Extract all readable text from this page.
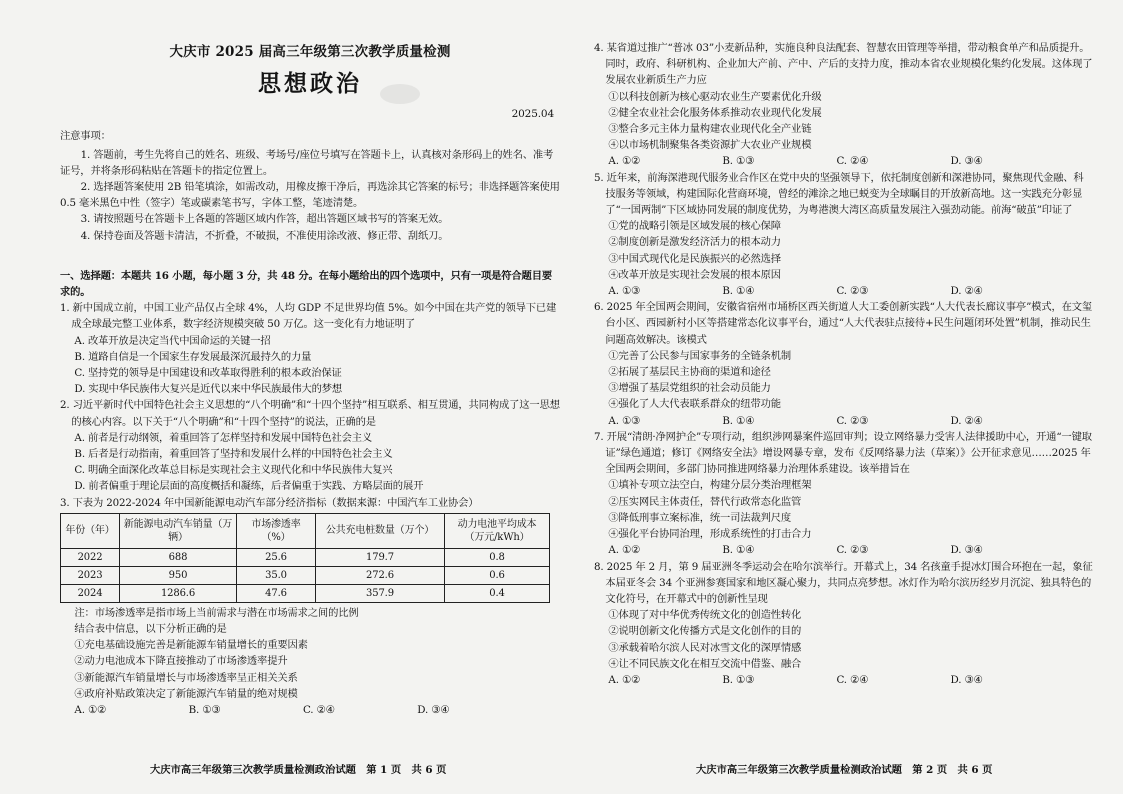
大庆市 2025 届高三年级第三次教学质量检测
思想政治
2025.04
注意事项：

1. 答题前，考生先将自己的姓名、班级、考场号/座位号填写在答题卡上，认真核对条形码上的姓名、准考证号，并将条形码粘贴在答题卡的指定位置上。

2. 选择题答案使用 2B 铅笔填涂，如需改动，用橡皮擦干净后，再选涂其它答案的标号；非选择题答案使用 0.5 毫米黑色中性（签字）笔或碳素笔书写，字体工整，笔迹清楚。

3. 请按照题号在答题卡上各题的答题区域内作答，超出答题区域书写的答案无效。

4. 保持卷面及答题卡清洁，不折叠，不破损，不准使用涂改液、修正带、刮纸刀。

一、选择题：本题共 16 小题，每小题 3 分，共 48 分。在每小题给出的四个选项中，只有一项是符合题目要求的。

1. 新中国成立前，中国工业产品仅占全球 4%，人均 GDP 不足世界均值 5%。如今中国在共产党的领导下已建成全球最完整工业体系，数字经济规模突破 50 万亿。这一变化有力地证明了

A. 改革开放是决定当代中国命运的关键一招

B. 道路自信是一个国家生存发展最深沉最持久的力量

C. 坚持党的领导是中国建设和改革取得胜利的根本政治保证

D. 实现中华民族伟大复兴是近代以来中华民族最伟大的梦想

2. 习近平新时代中国特色社会主义思想的“八个明确”和“十四个坚持”相互联系、相互贯通，共同构成了这一思想的核心内容。以下关于“八个明确”和“十四个坚持”的说法，正确的是

A. 前者是行动纲领，着重回答了怎样坚持和发展中国特色社会主义

B. 后者是行动指南，着重回答了坚持和发展什么样的中国特色社会主义

C. 明确全面深化改革总目标是实现社会主义现代化和中华民族伟大复兴

D. 前者偏重于理论层面的高度概括和凝练，后者偏重于实践、方略层面的展开

3. 下表为 2022-2024 年中国新能源电动汽车部分经济指标（数据来源：中国汽车工业协会）

年份（年）	新能源电动汽车销量（万辆）	市场渗透率（%）	公共充电桩数量（万个）	动力电池平均成本（万元/kWh）
2022	688	25.6	179.7	0.8
2023	950	35.0	272.6	0.6
2024	1286.6	47.6	357.9	0.4

注：市场渗透率是指市场上当前需求与潜在市场需求之间的比例

结合表中信息，以下分析正确的是

①充电基础设施完善是新能源车销量增长的重要因素

②动力电池成本下降直接推动了市场渗透率提升

③新能源汽车销量增长与市场渗透率呈正相关关系

④政府补贴政策决定了新能源汽车销量的绝对规模

A. ①②	B. ①③	C. ②④	D. ③④
大庆市高三年级第三次教学质量检测政治试题　第 1 页　共 6 页

4. 某省道过推广“普冰 03”小麦新品种，实施良种良法配套、智慧农田管理等举措，带动粮食单产和品质提升。同时，政府、科研机构、企业加大产前、产中、产后的支持力度，推动本省农业规模化集约化发展。这体现了发展农业新质生产力应

①以科技创新为核心驱动农业生产要素优化升级

②健全农业社会化服务体系推动农业现代化发展

③整合多元主体力量构建农业现代化全产业链

④以市场机制聚集各类资源扩大农业产业规模

A. ①②	B. ①③	C. ②④	D. ③④

5. 近年来，前海深港现代服务业合作区在党中央的坚强领导下，依托制度创新和深港协同，聚焦现代金融、科技服务等领域，构建国际化营商环境，曾经的滩涂之地已蜕变为全球瞩目的开放新高地。这一实践充分彰显了“一国两制”下区域协同发展的制度优势，为粤港澳大湾区高质量发展注入强劲动能。前海“破茧”印证了

①党的战略引领是区域发展的核心保障

②制度创新是激发经济活力的根本动力

③中国式现代化是民族振兴的必然选择

④改革开放是实现社会发展的根本原因

A. ①③	B. ①④	C. ②③	D. ②④

6. 2025 年全国两会期间，安徽省宿州市埇桥区西关街道人大工委创新实践“人大代表长廊议事亭”模式，在文玺台小区、西园新村小区等搭建常态化议事平台，通过“人大代表驻点接待+民生问题闭环处置”机制，推动民生问题高效解决。该模式

①完善了公民参与国家事务的全链条机制

②拓展了基层民主协商的渠道和途径

③增强了基层党组织的社会动员能力

④强化了人大代表联系群众的纽带功能

A. ①③	B. ①④	C. ②③	D. ②④

7. 开展“清朗·净网护企”专项行动，组织涉网暴案件巡回审判；设立网络暴力受害人法律援助中心，开通“一键取证”绿色通道；修订《网络安全法》增设网暴专章，发布《反网络暴力法（草案）》公开征求意见……2025 年全国两会期间，多部门协同推进网络暴力治理体系建设。该举措旨在

①填补专项立法空白，构建分层分类治理框架

②压实网民主体责任，替代行政常态化监管

③降低刑事立案标准，统一司法裁判尺度

④强化平台协同治理，形成系统性的打击合力

A. ①②	B. ①④	C. ②③	D. ③④

8. 2025 年 2 月，第 9 届亚洲冬季运动会在哈尔滨举行。开幕式上，34 名孩童手提冰灯围合环抱在一起，象征本届亚冬会 34 个亚洲参赛国家和地区凝心聚力，共同点亮梦想。冰灯作为哈尔滨历经岁月沉淀、独具特色的文化符号，在开幕式中的创新性呈现

①体现了对中华优秀传统文化的创造性转化

②说明创新文化传播方式是文化创作的目的

③承载着哈尔滨人民对冰雪文化的深厚情感

④让不同民族文化在相互交流中借鉴、融合

A. ①②	B. ①③	C. ②④	D. ③④
大庆市高三年级第三次教学质量检测政治试题　第 2 页　共 6 页
